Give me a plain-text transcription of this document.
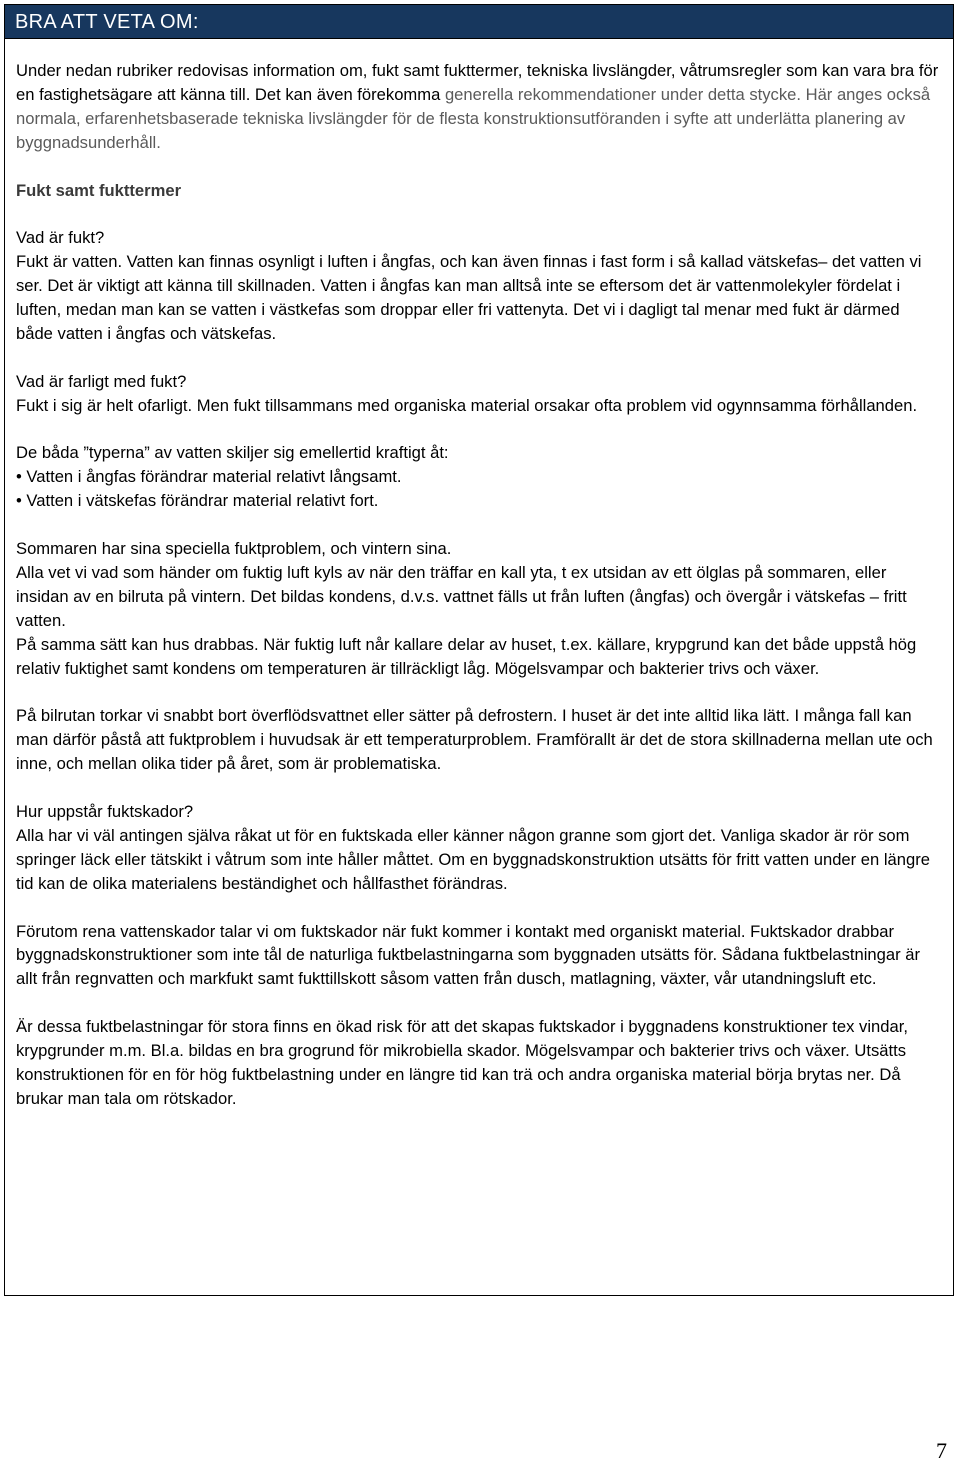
BRA ATT VETA OM:

Under nedan rubriker redovisas information om, fukt samt fukttermer, tekniska livslängder, våtrumsregler som kan vara bra för en fastighetsägare att känna till. Det kan även förekomma generella rekommendationer under detta stycke. Här anges också normala, erfarenhetsbaserade tekniska livslängder för de flesta konstruktionsutföranden i syfte att underlätta planering av byggnadsunderhåll.

Fukt samt fukttermer

Vad är fukt?

Fukt är vatten. Vatten kan finnas osynligt i luften i ångfas, och kan även finnas i fast form i så kallad vätskefas– det vatten vi ser. Det är viktigt att känna till skillnaden. Vatten i ångfas kan man alltså inte se eftersom det är vattenmolekyler fördelat i luften, medan man kan se vatten i västkefas som droppar eller fri vattenyta. Det vi i dagligt tal menar med fukt är därmed både vatten i ångfas och vätskefas.

Vad är farligt med fukt?

Fukt i sig är helt ofarligt. Men fukt tillsammans med organiska material orsakar ofta problem vid ogynnsamma förhållanden.

De båda ”typerna” av vatten skiljer sig emellertid kraftigt åt:

• Vatten i ångfas förändrar material relativt långsamt.

• Vatten i vätskefas förändrar material relativt fort.

Sommaren har sina speciella fuktproblem, och vintern sina.

Alla vet vi vad som händer om fuktig luft kyls av när den träffar en kall yta, t ex utsidan av ett ölglas på sommaren, eller insidan av en bilruta på vintern. Det bildas kondens, d.v.s. vattnet fälls ut från luften (ångfas) och övergår i vätskefas – fritt vatten.

På samma sätt kan hus drabbas. När fuktig luft når kallare delar av huset, t.ex. källare, krypgrund kan det både uppstå hög relativ fuktighet samt kondens om temperaturen är tillräckligt låg. Mögelsvampar och bakterier trivs och växer.

På bilrutan torkar vi snabbt bort överflödsvattnet eller sätter på defrostern. I huset är det inte alltid lika lätt. I många fall kan man därför påstå att fuktproblem i huvudsak är ett temperaturproblem. Framförallt är det de stora skillnaderna mellan ute och inne, och mellan olika tider på året, som är problematiska.

Hur uppstår fuktskador?

Alla har vi väl antingen själva råkat ut för en fuktskada eller känner någon granne som gjort det. Vanliga skador är rör som springer läck eller tätskikt i våtrum som inte håller måttet. Om en byggnadskonstruktion utsätts för fritt vatten under en längre tid kan de olika materialens beständighet och hållfasthet förändras.

Förutom rena vattenskador talar vi om fuktskador när fukt kommer i kontakt med organiskt material. Fuktskador drabbar byggnadskonstruktioner som inte tål de naturliga fuktbelastningarna som byggnaden utsätts för. Sådana fuktbelastningar är allt från regnvatten och markfukt samt fukttillskott såsom vatten från dusch, matlagning, växter, vår utandningsluft etc.

Är dessa fuktbelastningar för stora finns en ökad risk för att det skapas fuktskador i byggnadens konstruktioner tex vindar, krypgrunder m.m. Bl.a. bildas en bra grogrund för mikrobiella skador. Mögelsvampar och bakterier trivs och växer. Utsätts konstruktionen för en för hög fuktbelastning under en längre tid kan trä och andra organiska material börja brytas ner. Då brukar man tala om rötskador.

7
